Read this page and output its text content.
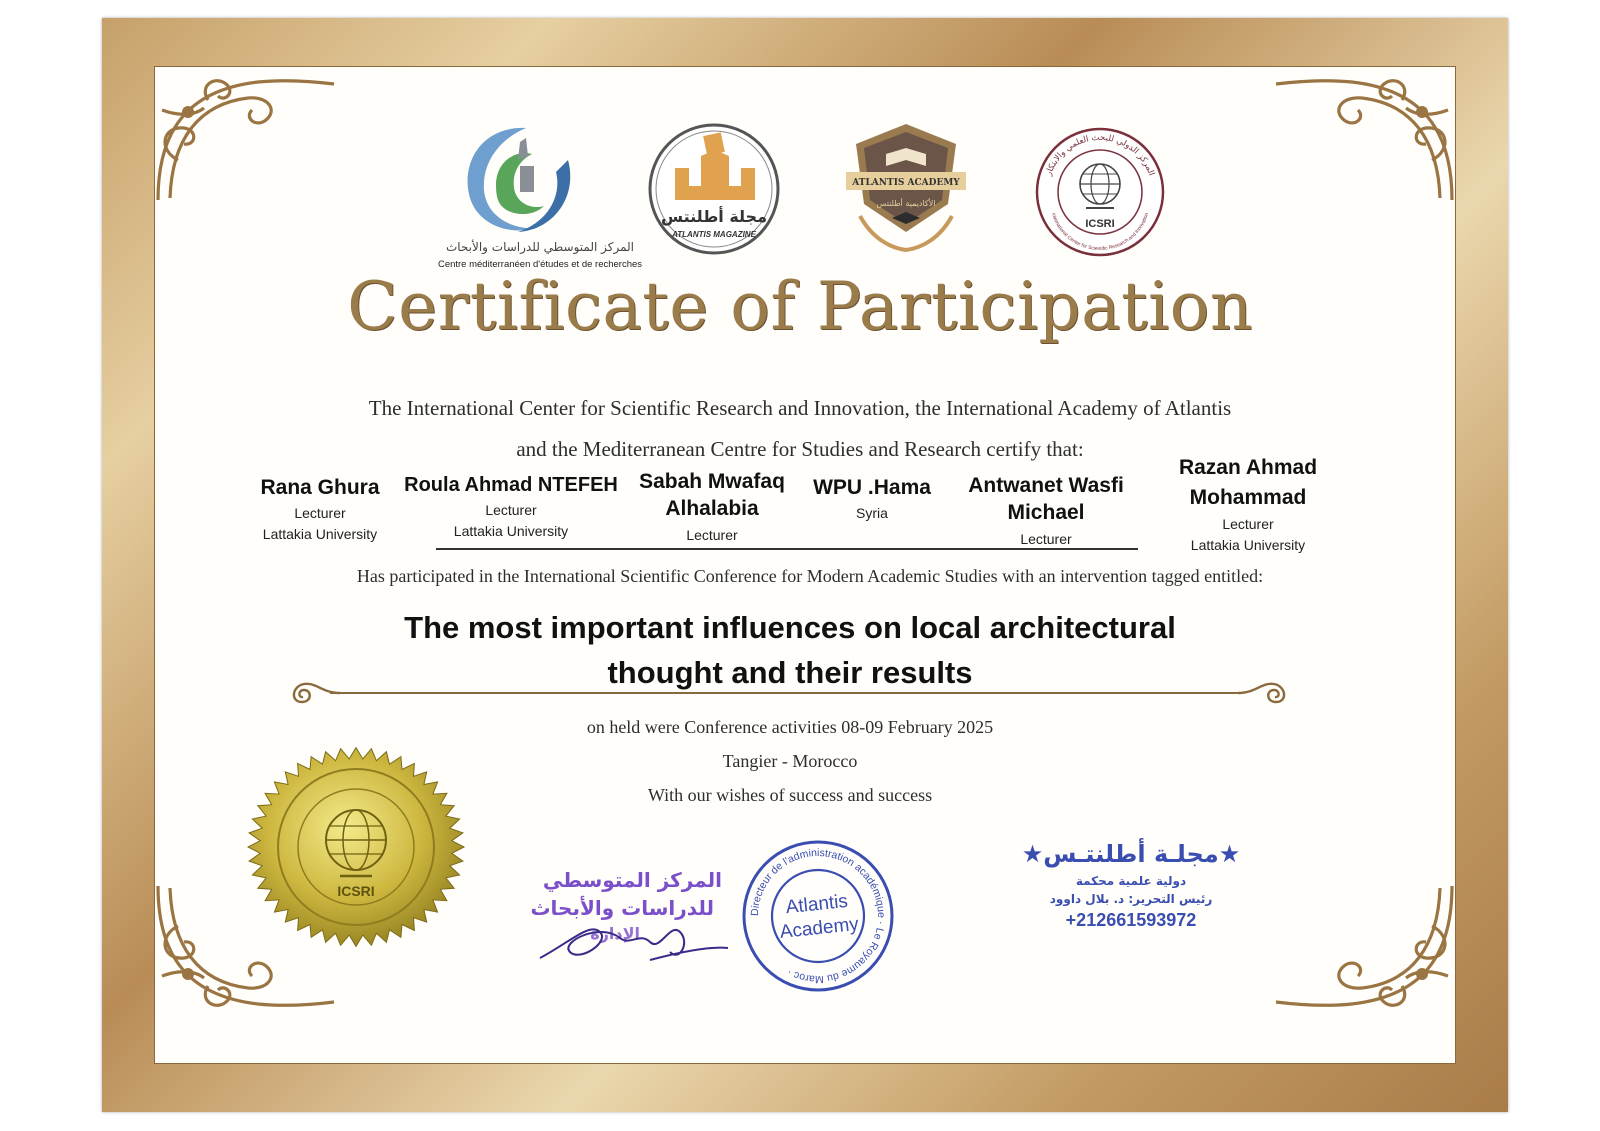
المركز المتوسطي للدراسات والأبحاث
Centre méditerranéen d'études et de recherches
مجلة أطلنتس
ATLANTIS MAGAZINE
ATLANTIS ACADEMY
الأكاديمية أطلنتس
ICSRI
المركز الدولي للبحث العلمي والابتكار
International Center for Scientific Research and Innovation
Certificate of Participation
The International Center for Scientific Research and Innovation, the International Academy of Atlantis
and the Mediterranean Centre for Studies and Research certify that:
Rana Ghura
Lecturer
Lattakia University
Roula Ahmad NTEFEH
Lecturer
Lattakia University
Sabah Mwafaq Alhalabia
Lecturer
WPU .Hama
Syria
Antwanet Wasfi Michael
Lecturer
Razan Ahmad Mohammad
Lecturer
Lattakia University
Has participated in the International Scientific Conference for Modern Academic Studies with an intervention tagged entitled:
The most important influences on local architectural
thought and their results
on held were Conference activities 08-09 February 2025
Tangier - Morocco
With our wishes of success and success
ICSRI	المركز المتوسطي
للدراسات والأبحاث
الإدارة
Directeur de l'administration académique · Le Royaume du Maroc ·
Atlantis
Academy
★مجلـة أطلنتـس★
دولية علمية محكمة
رئيس التحرير: د. بلال داوود
+212661593972
